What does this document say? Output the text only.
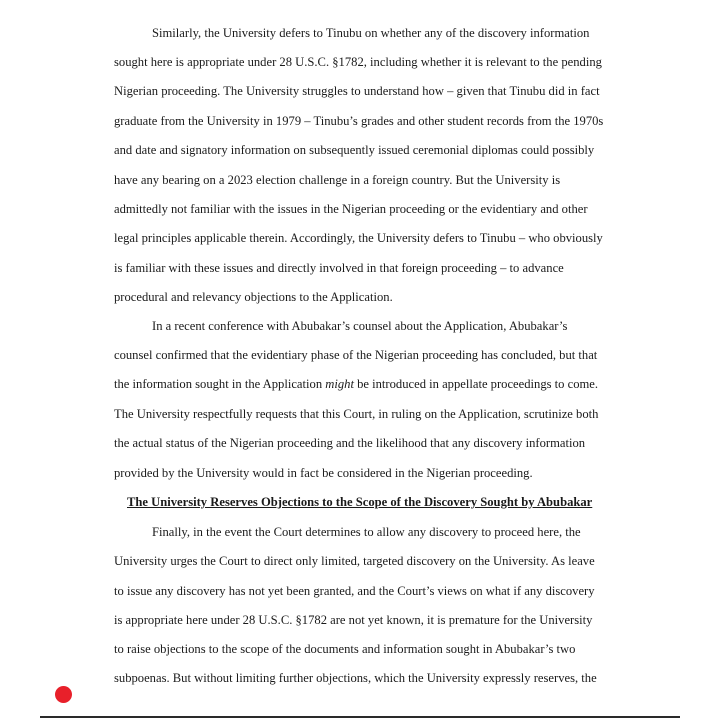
Similarly, the University defers to Tinubu on whether any of the discovery information
sought here is appropriate under 28 U.S.C. §1782, including whether it is relevant to the pending
Nigerian proceeding. The University struggles to understand how – given that Tinubu did in fact
graduate from the University in 1979 – Tinubu’s grades and other student records from the 1970s
and date and signatory information on subsequently issued ceremonial diplomas could possibly
have any bearing on a 2023 election challenge in a foreign country. But the University is
admittedly not familiar with the issues in the Nigerian proceeding or the evidentiary and other
legal principles applicable therein. Accordingly, the University defers to Tinubu – who obviously
is familiar with these issues and directly involved in that foreign proceeding – to advance
procedural and relevancy objections to the Application.
In a recent conference with Abubakar’s counsel about the Application, Abubakar’s
counsel confirmed that the evidentiary phase of the Nigerian proceeding has concluded, but that
the information sought in the Application might be introduced in appellate proceedings to come.
The University respectfully requests that this Court, in ruling on the Application, scrutinize both
the actual status of the Nigerian proceeding and the likelihood that any discovery information
provided by the University would in fact be considered in the Nigerian proceeding.
The University Reserves Objections to the Scope of the Discovery Sought by Abubakar
Finally, in the event the Court determines to allow any discovery to proceed here, the
University urges the Court to direct only limited, targeted discovery on the University. As leave
to issue any discovery has not yet been granted, and the Court’s views on what if any discovery
is appropriate here under 28 U.S.C. §1782 are not yet known, it is premature for the University
to raise objections to the scope of the documents and information sought in Abubakar’s two
subpoenas. But without limiting further objections, which the University expressly reserves, the
